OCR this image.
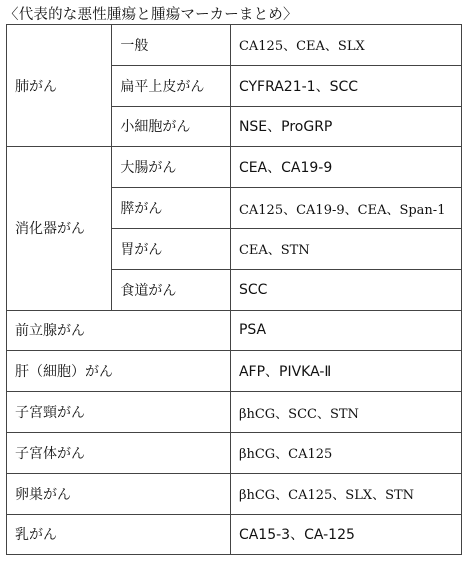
〈代表的な悪性腫瘍と腫瘍マーカーまとめ〉
肺がん	一般	CA125、CEA、SLX
	扁平上皮がん	CYFRA21-1、SCC
	小細胞がん	NSE、ProGRP
消化器がん	大腸がん	CEA、CA19-9
	膵がん	CA125、CA19-9、CEA、Span-1
	胃がん	CEA、STN
	食道がん	SCC
前立腺がん		PSA
肝（細胞）がん		AFP、PIVKA-Ⅱ
子宮頸がん		βhCG、SCC、STN
子宮体がん		βhCG、CA125
卵巣がん		βhCG、CA125、SLX、STN
乳がん		CA15-3、CA-125
